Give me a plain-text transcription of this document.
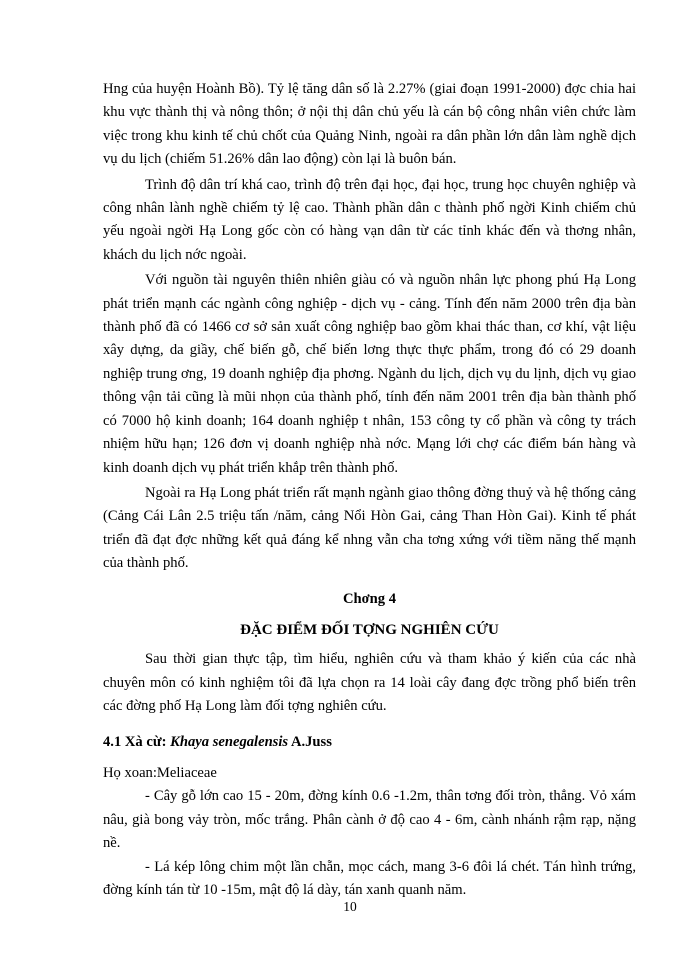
Hng của huyện Hoành Bồ). Tỷ lệ tăng dân số là 2.27% (giai đoạn 1991-2000) đợc chia hai khu vực thành thị và nông thôn; ở nội thị dân chủ yếu là cán bộ công nhân viên chức làm việc trong khu kinh tế chủ chốt của Quảng Ninh, ngoài ra dân phần lớn dân làm nghề dịch vụ du lịch (chiếm 51.26% dân lao động) còn lại là buôn bán.

Trình độ dân trí khá cao, trình độ trên đại học, đại học, trung học chuyên nghiệp và công nhân lành nghề chiếm tỷ lệ cao. Thành phần dân c thành phố ngời Kinh chiếm chủ yếu ngoài ngời Hạ Long gốc còn có hàng vạn dân từ các tỉnh khác đến và thơng nhân, khách du lịch nớc ngoài.

Với nguồn tài nguyên thiên nhiên giàu có và nguồn nhân lực phong phú Hạ Long phát triển mạnh các ngành công nghiệp - dịch vụ - cảng. Tính đến năm 2000 trên địa bàn thành phố đã có 1466 cơ sở sản xuất công nghiệp bao gồm khai thác than, cơ khí, vật liệu xây dựng, da giầy, chế biến gỗ, chế biến lơng thực thực phẩm, trong đó có 29 doanh nghiệp trung ơng, 19 doanh nghiệp địa phơng. Ngành du lịch, dịch vụ du lịnh, dịch vụ giao thông vận tải cũng là mũi nhọn của thành phố, tính đến năm 2001 trên địa bàn thành phố có 7000 hộ kinh doanh; 164 doanh nghiệp t nhân, 153 công ty cổ phần và công ty trách nhiệm hữu hạn; 126 đơn vị doanh nghiệp nhà nớc. Mạng lới chợ các điểm bán hàng và kinh doanh dịch vụ phát triển khắp trên thành phố.

Ngoài ra Hạ Long phát triển rất mạnh ngành giao thông đờng thuỷ và hệ thống cảng (Cảng Cái Lân 2.5 triệu tấn /năm, cảng Nổi Hòn Gai, cảng Than Hòn Gai). Kinh tế phát triển đã đạt đợc những kết quả đáng kể nhng vẫn cha tơng xứng với tiềm năng thế mạnh của thành phố.

Chơng 4

ĐẶC ĐIỂM ĐỐI TỢNG NGHIÊN CỨU

Sau thời gian thực tập, tìm hiểu, nghiên cứu và tham khảo ý kiến của các nhà chuyên môn có kinh nghiệm tôi đã lựa chọn ra 14 loài cây đang đợc trồng phổ biến trên các đờng phố Hạ Long làm đối tợng nghiên cứu.

4.1 Xà cừ: Khaya senegalensis A.Juss

Họ xoan:Meliaceae

- Cây gỗ lớn cao 15 - 20m, đờng kính 0.6 -1.2m, thân tơng đối tròn, thẳng. Vỏ xám nâu, già bong vảy tròn, mốc trắng. Phân cành ở độ cao 4 - 6m, cành nhánh rậm rạp, nặng nề.

- Lá kép lông chim một lần chẵn, mọc cách, mang 3-6 đôi lá chét. Tán hình trứng, đờng kính tán từ 10 -15m, mật độ lá dày, tán xanh quanh năm.

10
